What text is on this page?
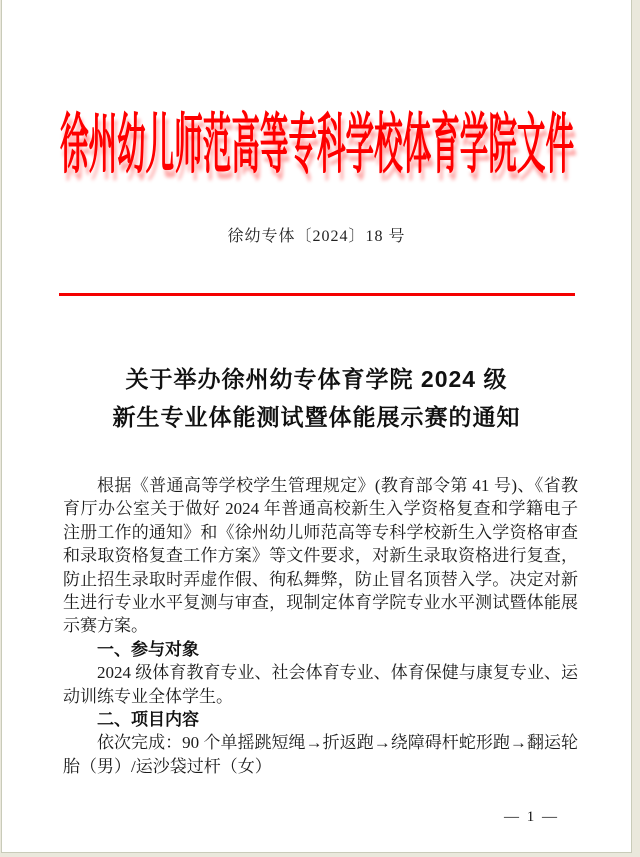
徐州幼儿师范高等专科学校体育学院文件
徐幼专体〔2024〕18 号
关于举办徐州幼专体育学院 2024 级
新生专业体能测试暨体能展示赛的通知

根据《普通高等学校学生管理规定》(教育部令第 41 号)、《省教育厅办公室关于做好 2024 年普通高校新生入学资格复查和学籍电子注册工作的通知》和《徐州幼儿师范高等专科学校新生入学资格审查和录取资格复查工作方案》等文件要求，对新生录取资格进行复查，防止招生录取时弄虚作假、徇私舞弊，防止冒名顶替入学。决定对新生进行专业水平复测与审查，现制定体育学院专业水平测试暨体能展示赛方案。

一、参与对象

2024 级体育教育专业、社会体育专业、体育保健与康复专业、运动训练专业全体学生。

二、项目内容

依次完成：90 个单摇跳短绳→折返跑→绕障碍杆蛇形跑→翻运轮胎（男）/运沙袋过杆（女）

— 1 —
